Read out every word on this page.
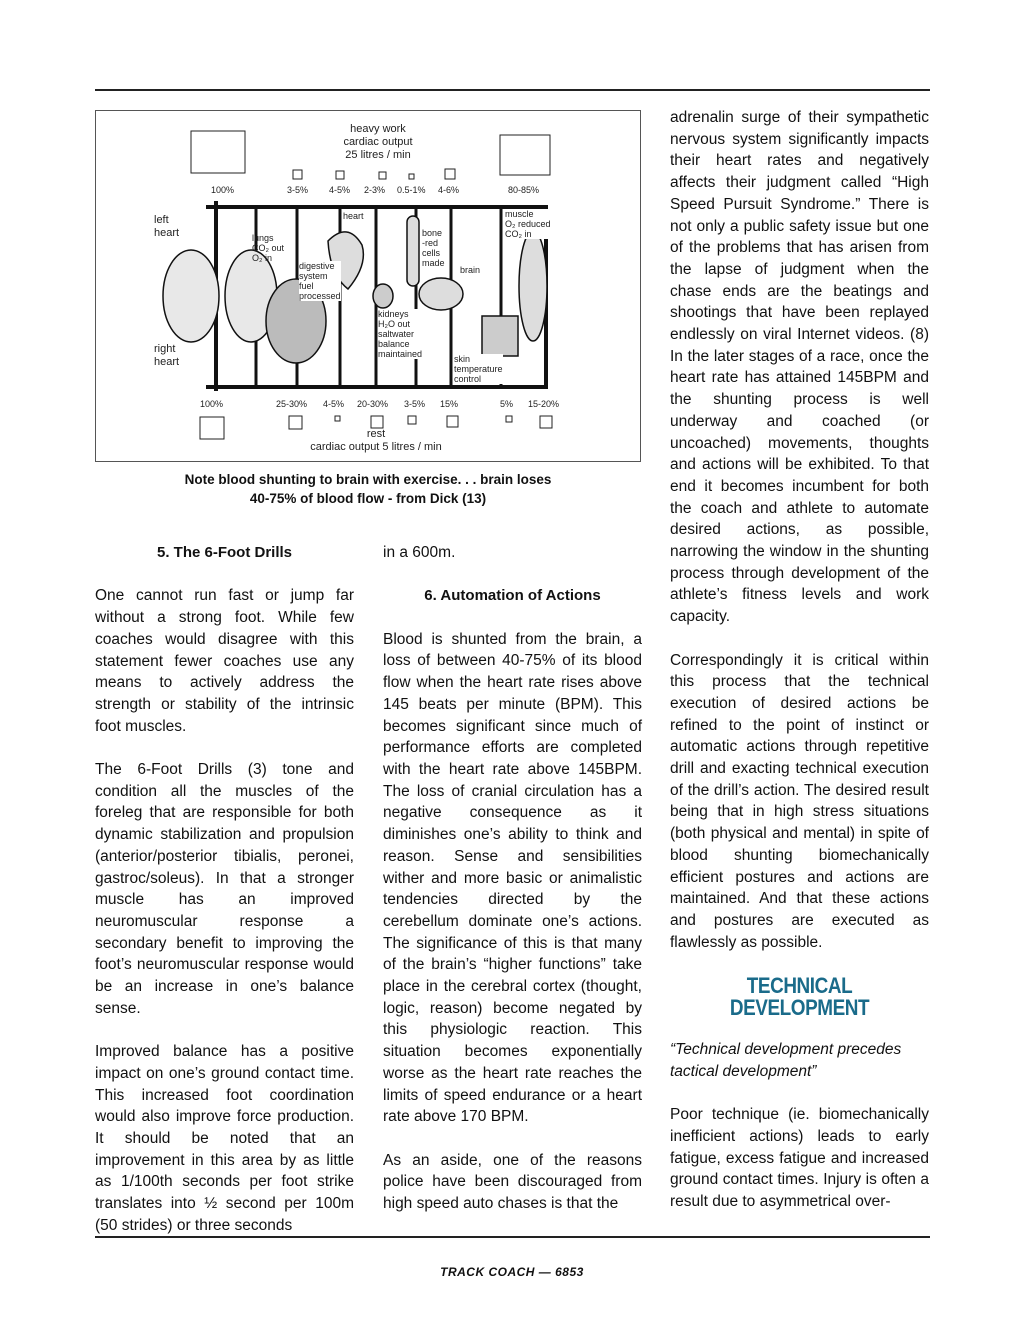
heavy work
cardiac output
25 litres / min
100%	3-5% 4-5% 2-3% 0.5-1% 4-6%	80-85%
left
heart
right
heart
lungs
CO₂ out
O₂ in
digestive
system
fuel
processed
heart
kidneys
H₂O out
saltwater
balance
maintained
bone
-red
cells
made
brain
skin
temperature
control
muscle
O₂ reduced
CO₂ in
100%	25-30% 4-5% 20-30% 3-5% 15%	5% 15-20%
rest
cardiac output 5 litres / min
Note blood shunting to brain with exercise. . . brain loses
40-75% of blood flow - from Dick (13)
5. The 6-Foot Drills

One cannot run fast or jump far without a strong foot. While few coaches would disagree with this statement fewer coaches use any means to actively address the strength or stability of the intrinsic foot muscles.

The 6-Foot Drills (3) tone and condition all the muscles of the foreleg that are responsible for both dynamic stabilization and propulsion (anterior/posterior tibialis, peronei, gastroc/soleus). In that a stronger muscle has an improved neuromuscular response a secondary benefit to improving the foot’s neuromuscular response would be an increase in one’s balance sense.

Improved balance has a positive impact on one’s ground contact time. This increased foot coordination would also improve force production. It should be noted that an improvement in this area by as little as 1/100th seconds per foot strike translates into ½ second per 100m (50 strides) or three seconds

in a 600m.

6. Automation of Actions

Blood is shunted from the brain, a loss of between 40-75% of its blood flow when the heart rate rises above 145 beats per minute (BPM). This becomes significant since much of performance efforts are completed with the heart rate above 145BPM. The loss of cranial circulation has a negative consequence as it diminishes one’s ability to think and reason. Sense and sensibilities wither and more basic or animalistic tendencies directed by the cerebellum dominate one’s actions. The significance of this is that many of the brain’s “higher functions” take place in the cerebral cortex (thought, logic, reason) become negated by this physiologic reaction. This situation becomes exponentially worse as the heart rate reaches the limits of speed endurance or a heart rate above 170 BPM.

As an aside, one of the reasons police have been discouraged from high speed auto chases is that the

adrenalin surge of their sympathetic nervous system significantly impacts their heart rates and negatively affects their judgment called “High Speed Pursuit Syndrome.” There is not only a public safety issue but one of the problems that has arisen from the lapse of judgment when the chase ends are the beatings and shootings that have been replayed endlessly on viral Internet videos. (8) In the later stages of a race, once the heart rate has attained 145BPM and the shunting process is well underway and coached (or uncoached) movements, thoughts and actions will be exhibited. To that end it becomes incumbent for both the coach and athlete to automate desired actions, as possible, narrowing the window in the shunting process through development of the athlete’s fitness levels and work capacity.

Correspondingly it is critical within this process that the technical execution of desired actions be refined to the point of instinct or automatic actions through repetitive drill and exacting technical execution of the drill’s action. The desired result being that in high stress situations (both physical and mental) in spite of blood shunting biomechanically efficient postures and actions are maintained. And that these actions and postures are executed as flawlessly as possible.

TECHNICAL
DEVELOPMENT

“Technical development precedes tactical development”

Poor technique (ie. biomechanically inefficient actions) leads to early fatigue, excess fatigue and increased ground contact times. Injury is often a result due to asymmetrical over-

TRACK COACH — 6853
